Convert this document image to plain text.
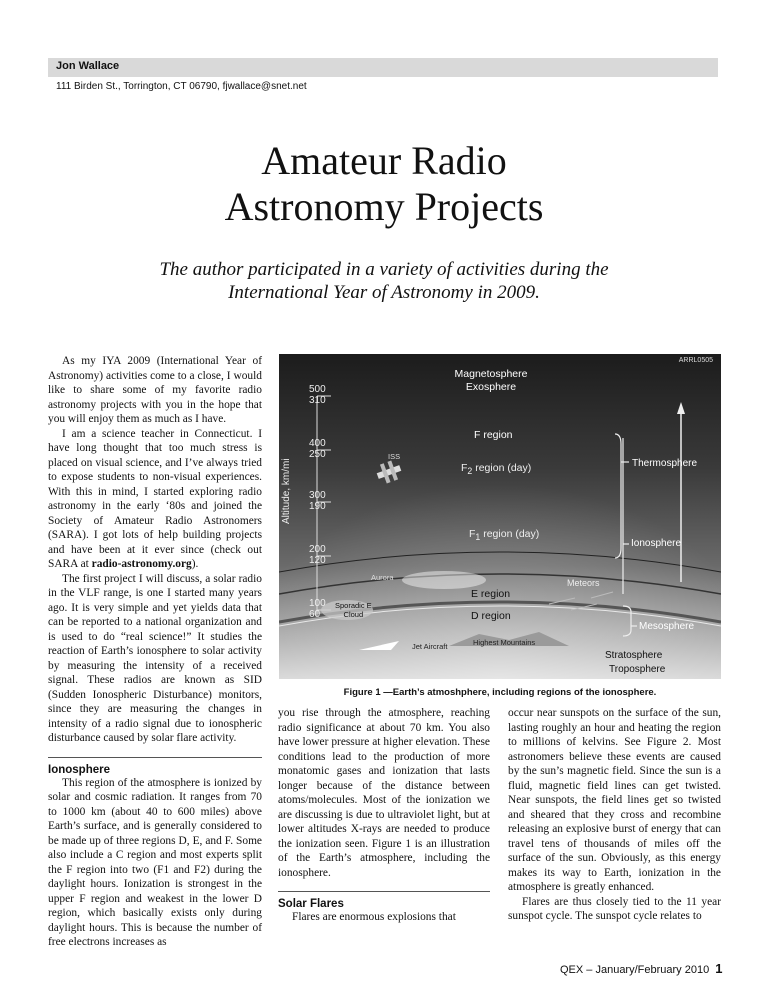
Jon Wallace
111 Birden St., Torrington, CT 06790, fjwallace@snet.net
Amateur Radio
Astronomy Projects
The author participated in a variety of activities during the
International Year of Astronomy in 2009.

As my IYA 2009 (International Year of Astronomy) activities come to a close, I would like to share some of my favorite radio astronomy projects with you in the hope that you will enjoy them as much as I have.

I am a science teacher in Connecticut. I have long thought that too much stress is placed on visual science, and I’ve always tried to expose students to non-visual experiences. With this in mind, I started exploring radio astronomy in the early ‘80s and joined the Society of Amateur Radio Astronomers (SARA). I got lots of help building projects and have been at it ever since (check out SARA at radio-astronomy.org).

The first project I will discuss, a solar radio in the VLF range, is one I started many years ago. It is very simple and yet yields data that can be reported to a national organization and is used to do “real science!” It studies the reaction of Earth’s ionosphere to solar activity by measuring the intensity of a received signal. These radios are known as SID (Sudden Ionospheric Disturbance) monitors, since they are measuring the changes in intensity of a radio signal due to ionospheric disturbance caused by solar flare activity.

Ionosphere

This region of the atmosphere is ionized by solar and cosmic radiation. It ranges from 70 to 1000 km (about 40 to 600 miles) above Earth’s surface, and is generally considered to be made up of three regions D, E, and F. Some also include a C region and most experts split the F region into two (F1 and F2) during the daylight hours. Ionization is strongest in the upper F region and weakest in the lower D region, which basically exists only during daylight hours. This is because the number of free electrons increases as

ARRL0505
Altitude, km/mi
500
310
400
250
300
190
200
120
100
60
Magnetosphere
Exosphere
F region
$F_2$ region (day)
$F_1$ region (day)
ISS
Aurora
Meteors
E region
D region
Sporadic E
Cloud
Jet Aircraft	Highest Mountains
Thermosphere
Ionosphere
Mesosphere
Stratosphere
Troposphere
Figure 1 —Earth’s atmoshphere, including regions of the ionosphere.

you rise through the atmosphere, reaching radio significance at about 70 km. You also have lower pressure at higher elevation. These conditions lead to the production of more monatomic gases and ionization that lasts longer because of the distance between atoms/molecules. Most of the ionization we are discussing is due to ultraviolet light, but at lower altitudes X-rays are needed to produce the ionization seen. Figure 1 is an illustration of the Earth’s atmosphere, including the ionosphere.

Solar Flares

Flares are enormous explosions that

occur near sunspots on the surface of the sun, lasting roughly an hour and heating the region to millions of kelvins. See Figure 2. Most astronomers believe these events are caused by the sun’s magnetic field. Since the sun is a fluid, magnetic field lines can get twisted. Near sunspots, the field lines get so twisted and sheared that they cross and recombine releasing an explosive burst of energy that can travel tens of thousands of miles off the surface of the sun. Obviously, as this energy makes its way to Earth, ionization in the atmosphere is greatly enhanced.

Flares are thus closely tied to the 11 year sunspot cycle. The sunspot cycle relates to

QEX – January/February 2010 1
